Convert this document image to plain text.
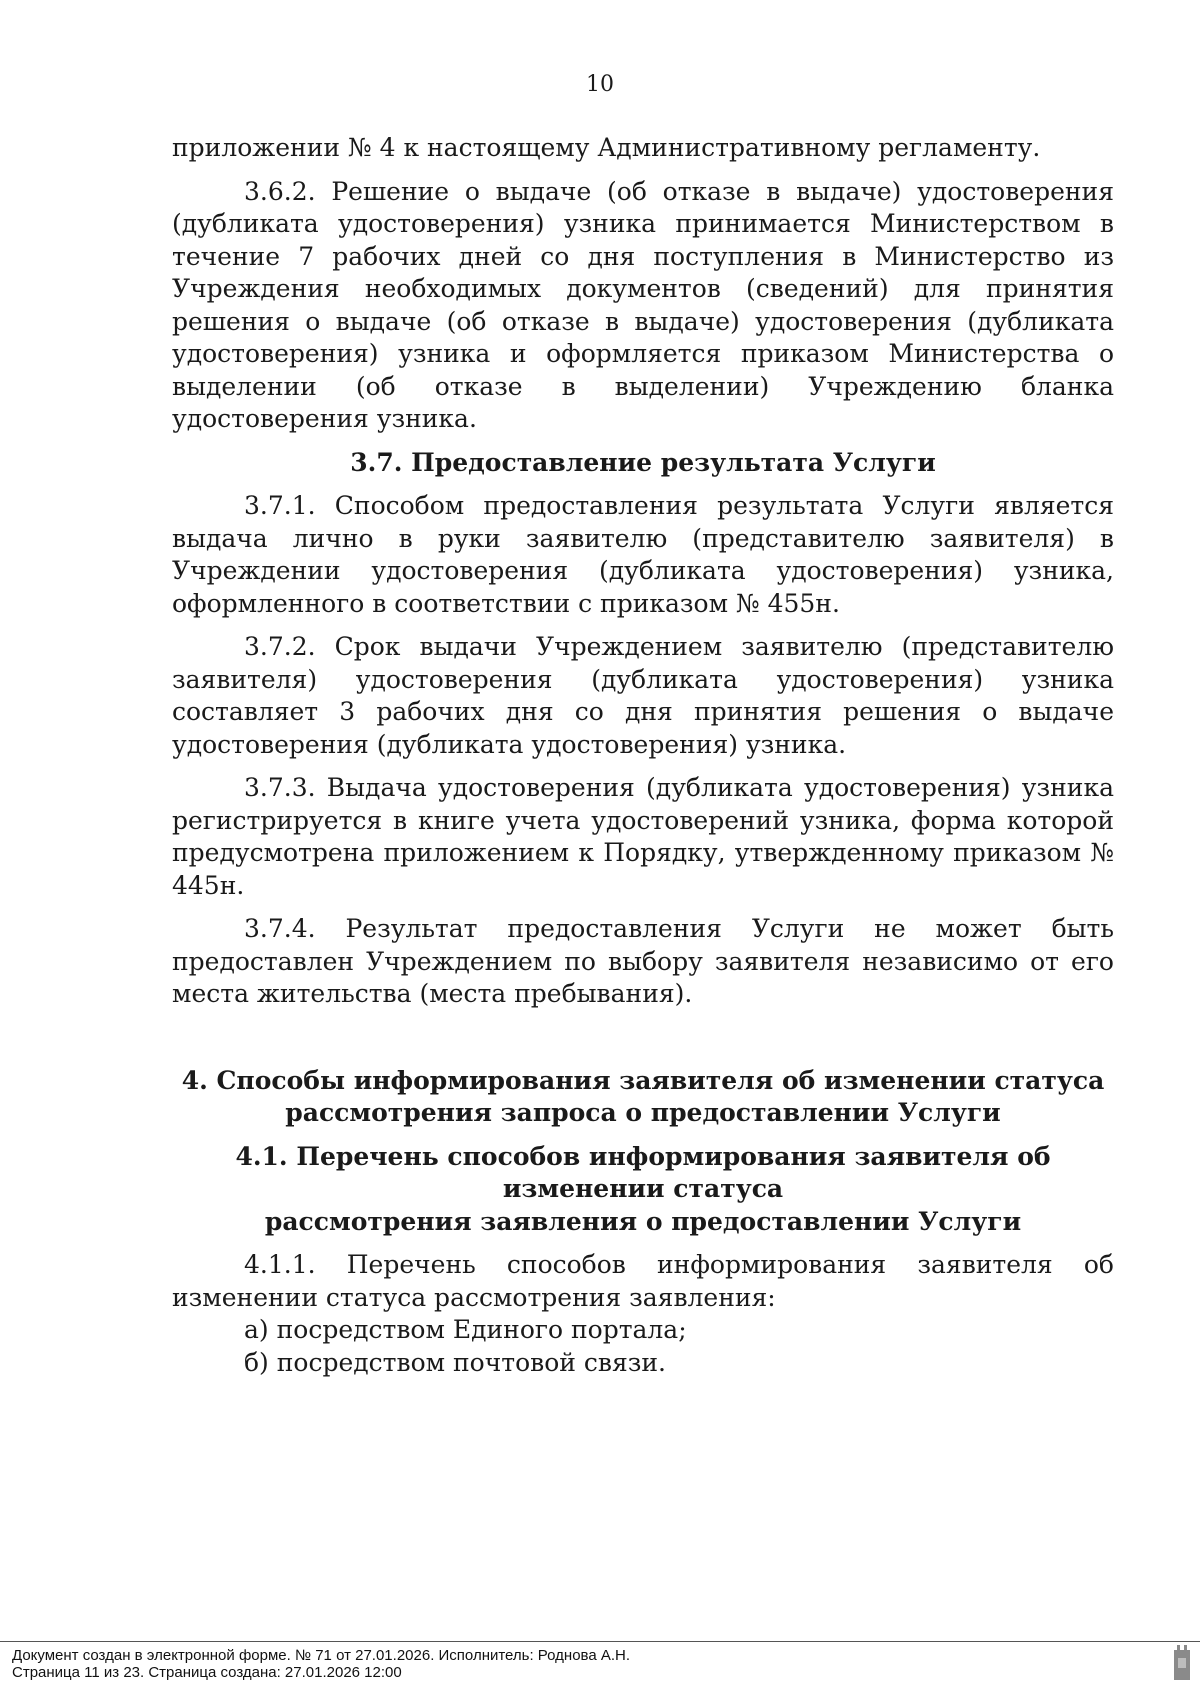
10

приложении № 4 к настоящему Административному регламенту.

3.6.2. Решение о выдаче (об отказе в выдаче) удостоверения (дубликата удостоверения) узника принимается Министерством в течение 7 рабочих дней со дня поступления в Министерство из Учреждения необходимых документов (сведений) для принятия решения о выдаче (об отказе в выдаче) удостоверения (дубликата удостоверения) узника и оформляется приказом Министерства о выделении (об отказе в выделении) Учреждению бланка удостоверения узника.

3.7. Предоставление результата Услуги

3.7.1. Способом предоставления результата Услуги является выдача лично в руки заявителю (представителю заявителя) в Учреждении удостоверения (дубликата удостоверения) узника, оформленного в соответствии с приказом № 455н.

3.7.2. Срок выдачи Учреждением заявителю (представителю заявителя) удостоверения (дубликата удостоверения) узника составляет 3 рабочих дня со дня принятия решения о выдаче удостоверения (дубликата удостоверения) узника.

3.7.3. Выдача удостоверения (дубликата удостоверения) узника регистрируется в книге учета удостоверений узника, форма которой предусмотрена приложением к Порядку, утвержденному приказом № 445н.

3.7.4. Результат предоставления Услуги не может быть предоставлен Учреждением по выбору заявителя независимо от его места жительства (места пребывания).

4. Способы информирования заявителя об изменении статуса
рассмотрения запроса о предоставлении Услуги
4.1. Перечень способов информирования заявителя об изменении статуса
рассмотрения заявления о предоставлении Услуги

4.1.1. Перечень способов информирования заявителя об изменении статуса рассмотрения заявления:

а) посредством Единого портала;

б) посредством почтовой связи.

Документ создан в электронной форме. № 71 от 27.01.2026. Исполнитель: Роднова А.Н.
Страница 11 из 23. Страница создана: 27.01.2026 12:00
